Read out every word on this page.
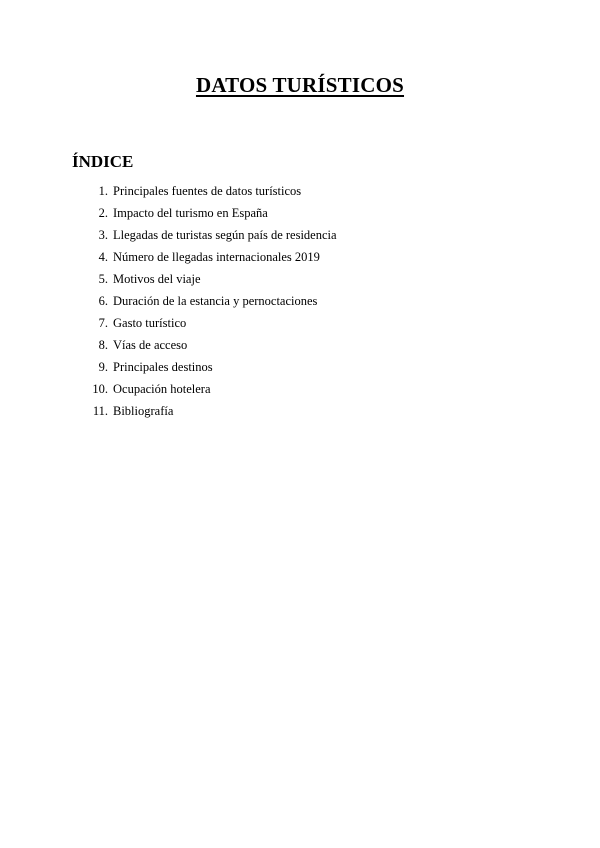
DATOS TURÍSTICOS
ÍNDICE
1. Principales fuentes de datos turísticos
2. Impacto del turismo en España
3. Llegadas de turistas según país de residencia
4. Número de llegadas internacionales 2019
5. Motivos del viaje
6. Duración de la estancia y pernoctaciones
7. Gasto turístico
8. Vías de acceso
9. Principales destinos
10. Ocupación hotelera
11. Bibliografía
